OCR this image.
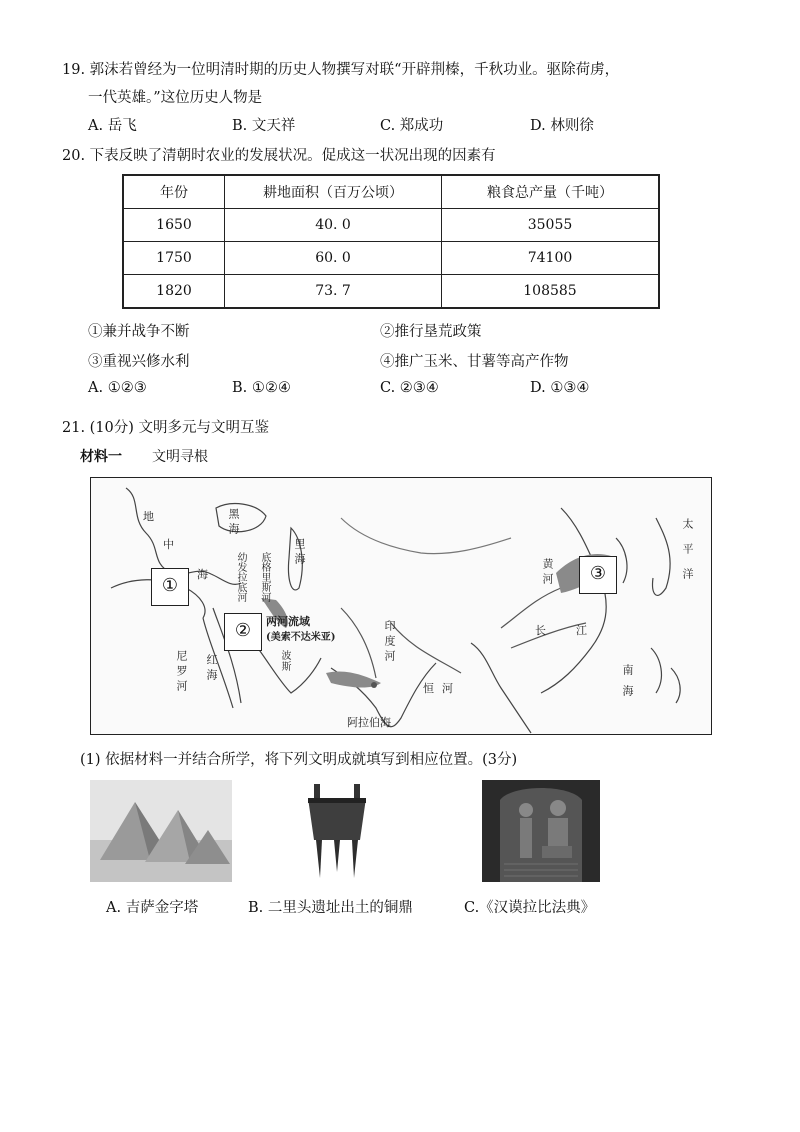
19. 郭沫若曾经为一位明清时期的历史人物撰写对联“开辟荆榛，千秋功业。驱除荷虏，
一代英雄。”这位历史人物是
A. 岳飞	B. 文天祥	C. 郑成功	D. 林则徐
20. 下表反映了清朝时农业的发展状况。促成这一状况出现的因素有
年份	耕地面积（百万公顷）	粮食总产量（千吨）
1650	40. 0	35055
1750	60. 0	74100
1820	73. 7	108585
①兼并战争不断	②推行垦荒政策
③重视兴修水利	④推广玉米、甘薯等高产作物
A. ①②③	B. ①②④	C. ②③④	D. ①③④
21. (10分) 文明多元与文明互鉴
材料一 文明寻根
①
②
③
地
中
海
黑海
里海
幼发拉底河 底格里斯河
两河流域
(美索不达米亚)
尼罗河 红海	波斯	印度河
恒河
阿拉伯海
黄河
长江
太平洋
南海
(1) 依据材料一并结合所学，将下列文明成就填写到相应位置。(3分)
A. 吉萨金字塔	B. 二里头遗址出土的铜鼎	C.《汉谟拉比法典》
